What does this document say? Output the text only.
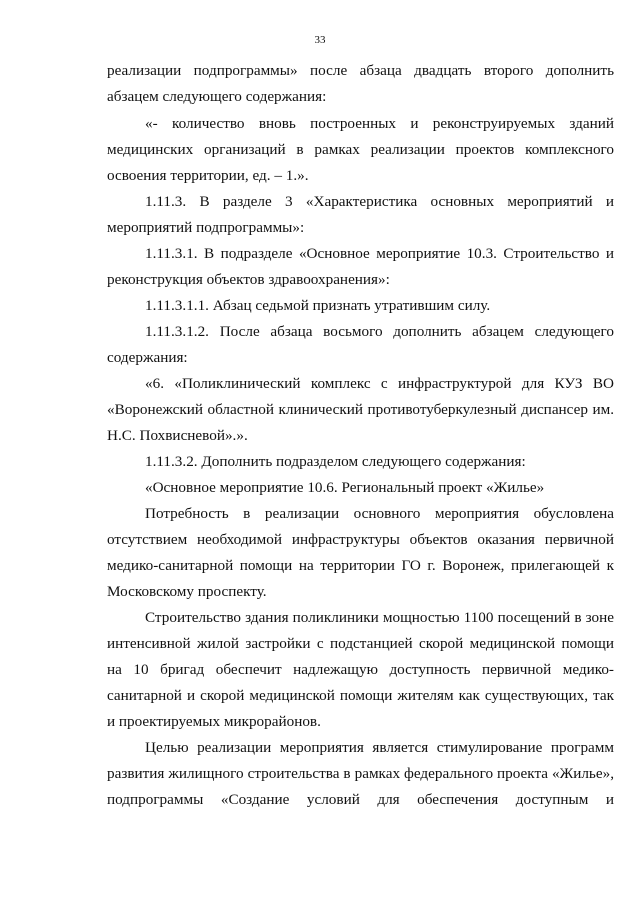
33
реализации подпрограммы» после абзаца двадцать второго дополнить
абзацем следующего содержания:
«- количество вновь построенных и реконструируемых зданий
медицинских организаций в рамках реализации проектов комплексного
освоения территории, ед. – 1.».
1.11.3. В разделе 3 «Характеристика основных мероприятий и
мероприятий подпрограммы»:
1.11.3.1. В подразделе «Основное мероприятие 10.3. Строительство и
реконструкция объектов здравоохранения»:
1.11.3.1.1. Абзац седьмой признать утратившим силу.
1.11.3.1.2. После абзаца восьмого дополнить абзацем следующего
содержания:
«6. «Поликлинический комплекс с инфраструктурой для КУЗ ВО
«Воронежский областной клинический противотуберкулезный диспансер им.
Н.С. Похвисневой».».
1.11.3.2. Дополнить подразделом следующего содержания:
«Основное мероприятие 10.6. Региональный проект «Жилье»
Потребность в реализации основного мероприятия обусловлена
отсутствием необходимой инфраструктуры объектов оказания первичной
медико-санитарной помощи на территории ГО г. Воронеж, прилегающей к
Московскому проспекту.
Строительство здания поликлиники мощностью 1100 посещений в зоне
интенсивной жилой застройки с подстанцией скорой медицинской помощи
на 10 бригад обеспечит надлежащую доступность первичной медико-
санитарной и скорой медицинской помощи жителям как существующих, так
и проектируемых микрорайонов.
Целью реализации мероприятия является стимулирование программ
развития жилищного строительства в рамках федерального проекта «Жилье»,
подпрограммы «Создание условий для обеспечения доступным и
